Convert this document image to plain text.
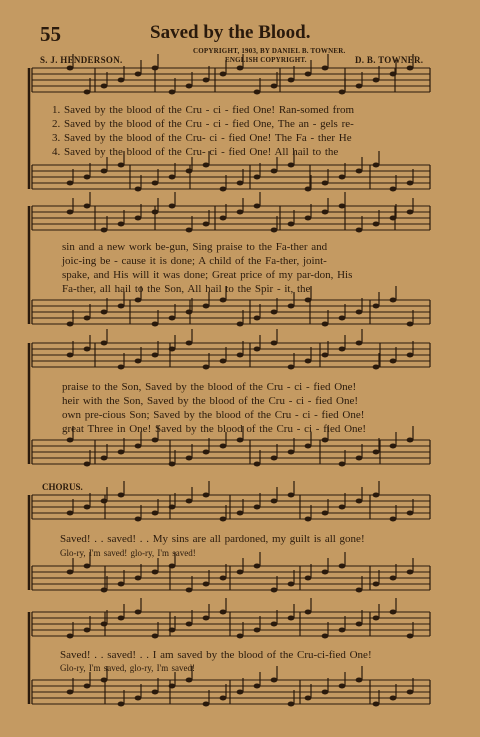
55	Saved by the Blood.
COPYRIGHT, 1903, BY DANIEL B. TOWNER.
ENGLISH COPYRIGHT.
S. J. HENDERSON.	D. B. TOWNER.
1. Saved by the blood of the Cru - ci - fied One! Ran-somed from
2. Saved by the blood of the Cru - ci - fied One, The an - gels re-
3. Saved by the blood of the Cru- ci - fied One! The Fa - ther He
4. Saved by the blood of the Cru- ci - fied One! All hail to the
sin and a new work be-gun, Sing praise to the Fa-ther and
joic-ing be - cause it is done; A child of the Fa-ther, joint-
spake, and His will it was done; Great price of my par-don, His
Fa-ther, all hail to the Son, All hail to the Spir - it, the
praise to the Son, Saved by the blood of the Cru - ci - fied One!
heir with the Son, Saved by the blood of the Cru - ci - fied One!
own pre-cious Son; Saved by the blood of the Cru - ci - fied One!
great Three in One! Saved by the blood of the Cru - ci - fied One!
CHORUS.
Saved! . . saved! . . My sins are all pardoned, my guilt is all gone!
Glo-ry, I'm saved! glo-ry, I'm saved!
Saved! . . saved! . . I am saved by the blood of the Cru-ci-fied One!
Glo-ry, I'm saved, glo-ry, I'm saved!
